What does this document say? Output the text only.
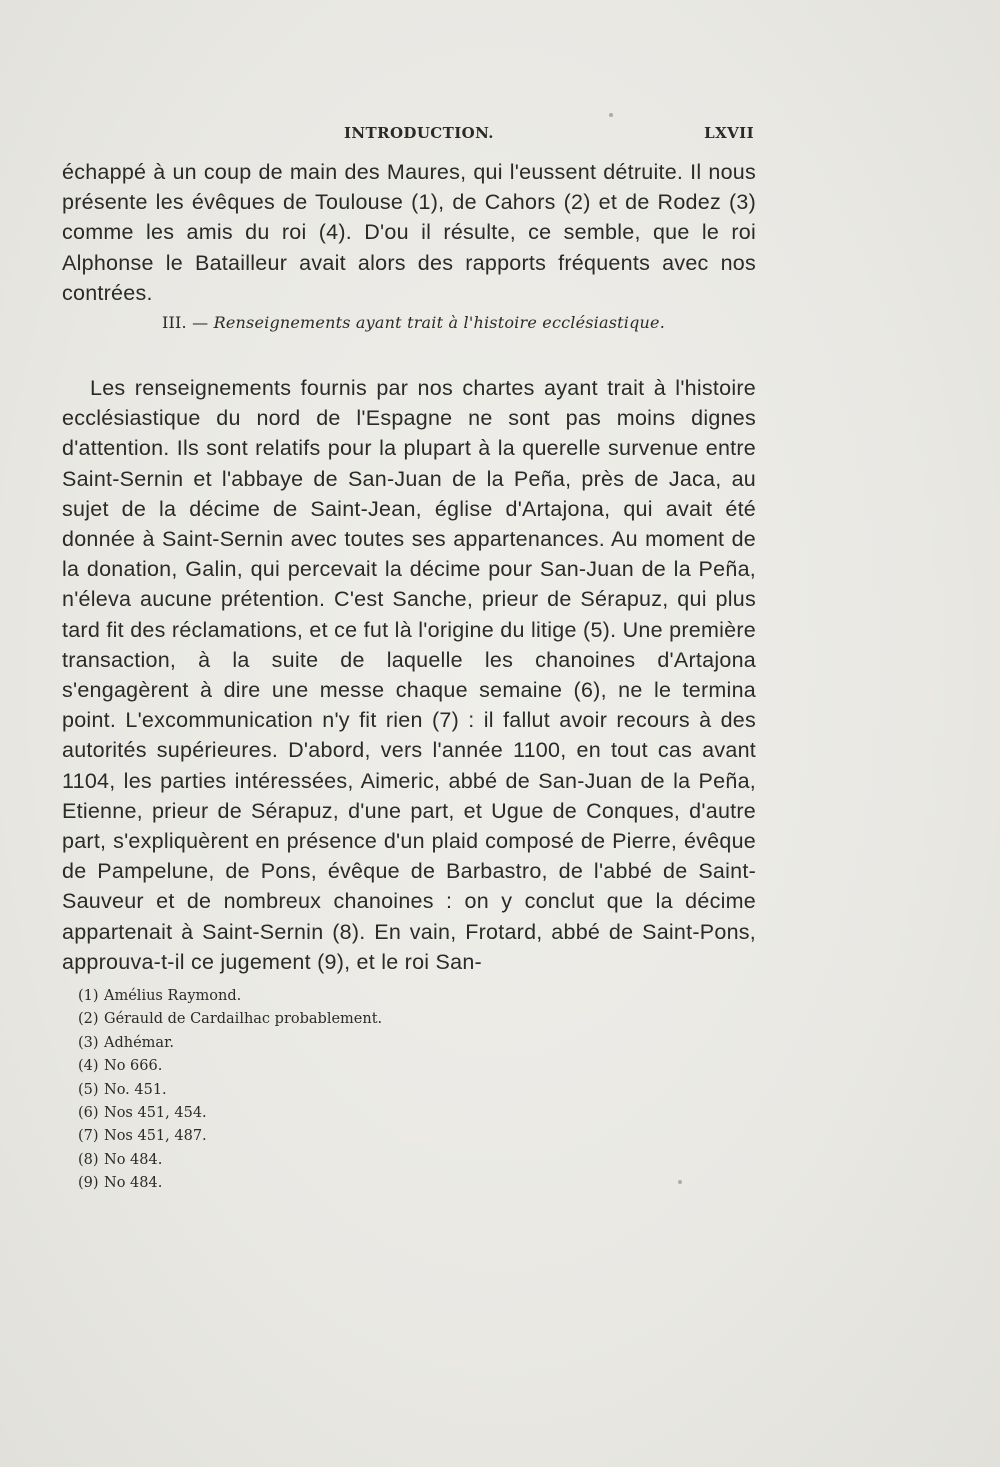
INTRODUCTION.	LXVII

échappé à un coup de main des Maures, qui l'eussent détruite. Il nous présente les évêques de Toulouse (1), de Cahors (2) et de Rodez (3) comme les amis du roi (4). D'ou il résulte, ce semble, que le roi Alphonse le Batailleur avait alors des rapports fréquents avec nos contrées.

III. — Renseignements ayant trait à l'histoire ecclésiastique.

Les renseignements fournis par nos chartes ayant trait à l'histoire ecclésiastique du nord de l'Espagne ne sont pas moins dignes d'attention. Ils sont relatifs pour la plupart à la querelle survenue entre Saint-Sernin et l'abbaye de San-Juan de la Peña, près de Jaca, au sujet de la décime de Saint-Jean, église d'Artajona, qui avait été donnée à Saint-Sernin avec toutes ses appartenances. Au moment de la donation, Galin, qui percevait la décime pour San-Juan de la Peña, n'éleva aucune prétention. C'est Sanche, prieur de Sérapuz, qui plus tard fit des réclamations, et ce fut là l'origine du litige (5). Une première transaction, à la suite de laquelle les chanoines d'Artajona s'engagèrent à dire une messe chaque semaine (6), ne le termina point. L'excommunication n'y fit rien (7) : il fallut avoir recours à des autorités supérieures. D'abord, vers l'année 1100, en tout cas avant 1104, les parties intéressées, Aimeric, abbé de San-Juan de la Peña, Etienne, prieur de Sérapuz, d'une part, et Ugue de Conques, d'autre part, s'expliquèrent en présence d'un plaid composé de Pierre, évêque de Pampelune, de Pons, évêque de Barbastro, de l'abbé de Saint-Sauveur et de nombreux chanoines : on y conclut que la décime appartenait à Saint-Sernin (8). En vain, Frotard, abbé de Saint-Pons, approuva-t-il ce jugement (9), et le roi San-

(1) Amélius Raymond.
(2) Gérauld de Cardailhac probablement.
(3) Adhémar.
(4) No 666.
(5) No. 451.
(6) Nos 451, 454.
(7) Nos 451, 487.
(8) No 484.
(9) No 484.
